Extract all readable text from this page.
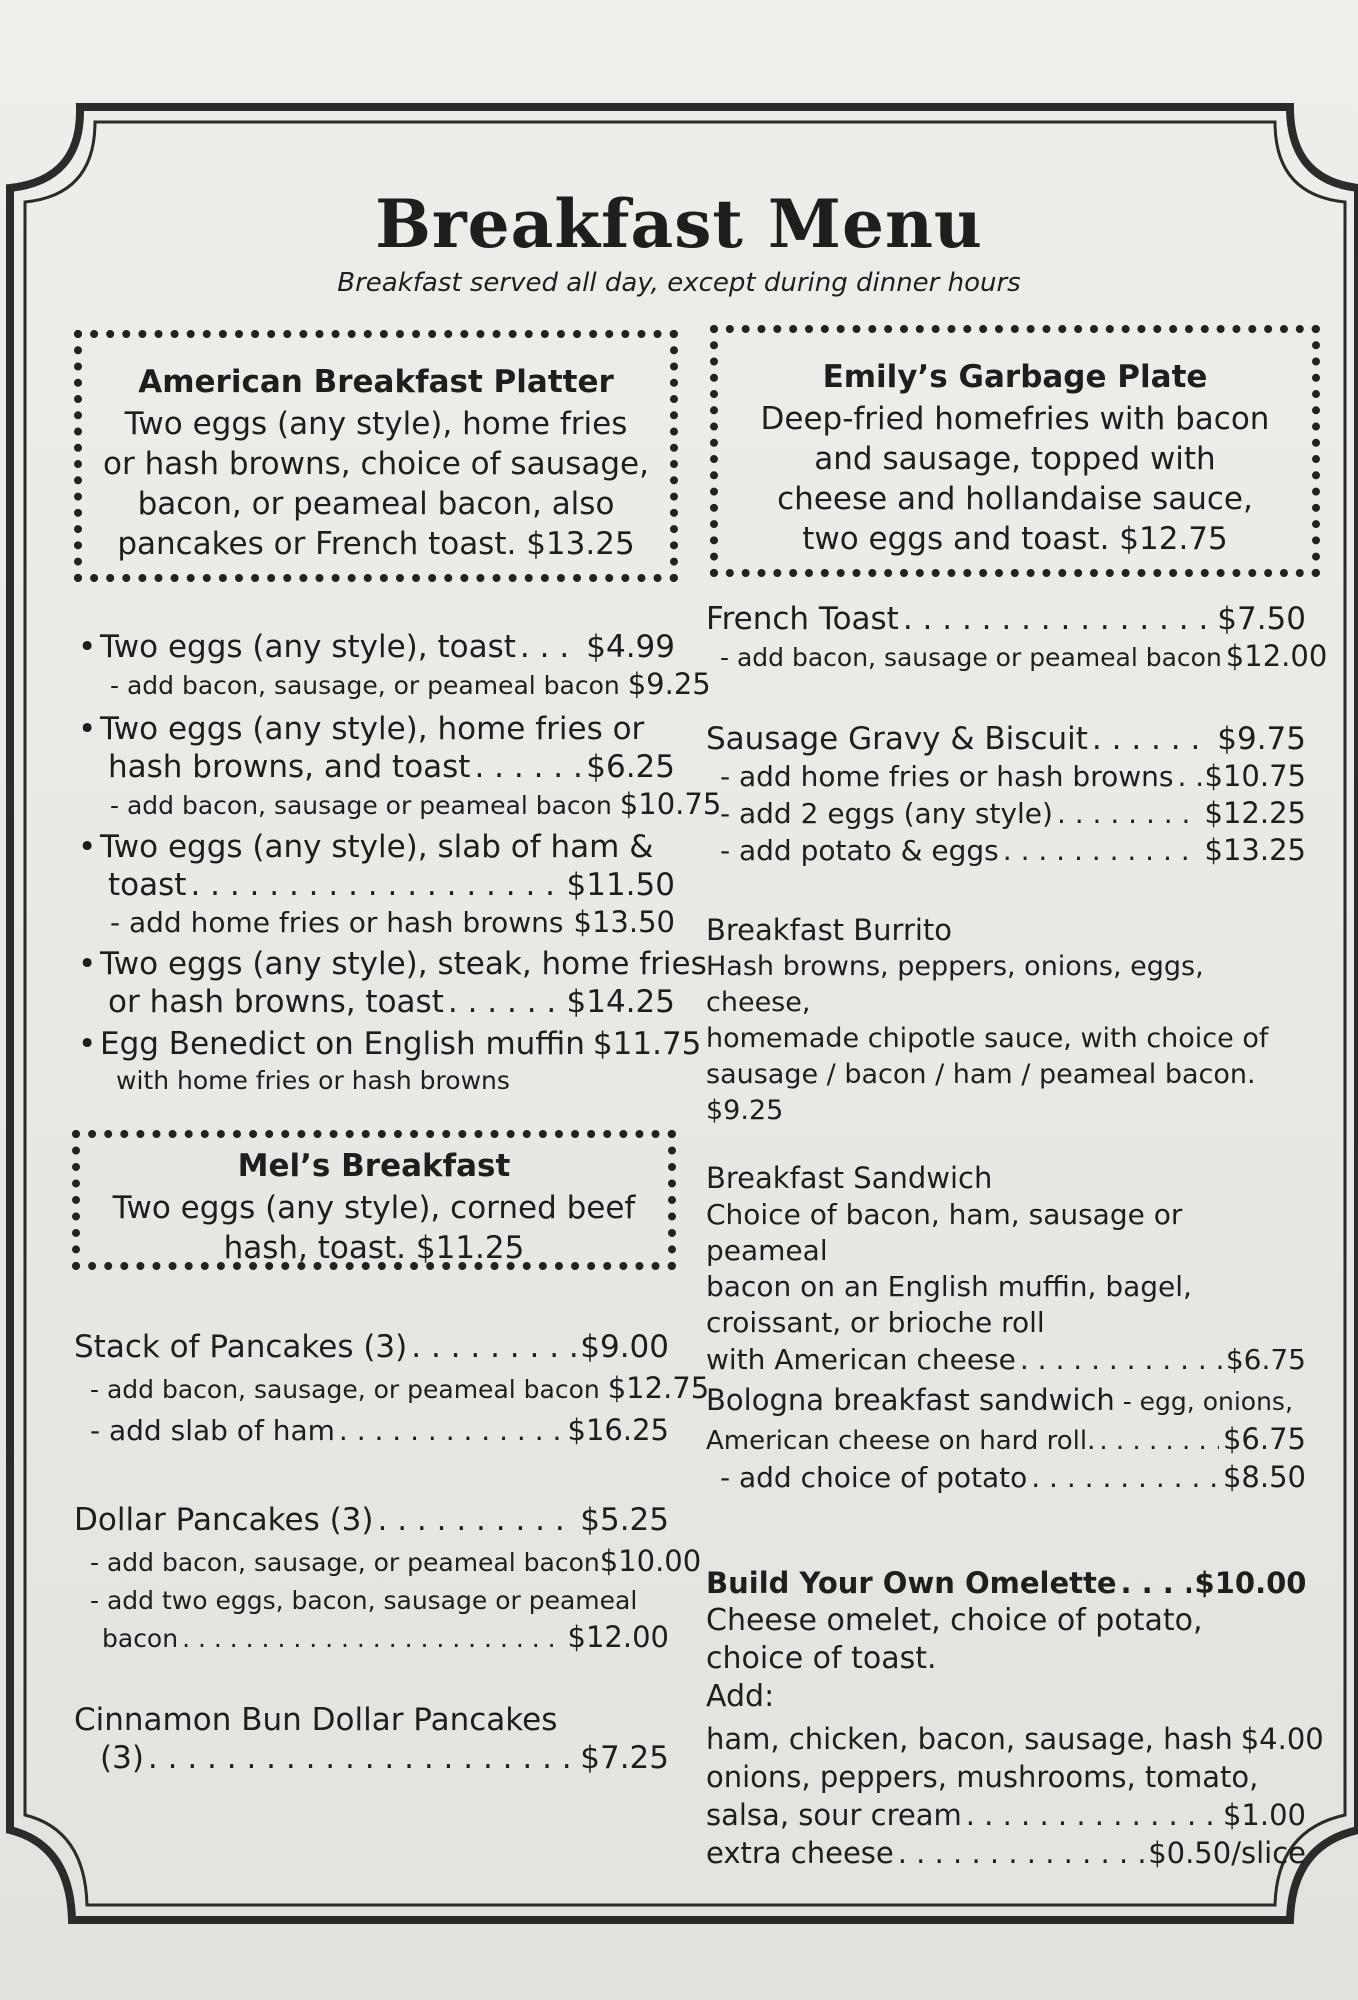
Breakfast Menu
Breakfast served all day, except during dinner hours
American Breakfast Platter
Two eggs (any style), home fries
or hash browns, choice of sausage,
bacon, or peameal bacon, also
pancakes or French toast. $13.25
Emily’s Garbage Plate
Deep-fried homefries with bacon
and sausage, topped with
cheese and hollandaise sauce,
two eggs and toast. $12.75
• Two eggs (any style), toast . . . $4.99
- add bacon, sausage, or peameal bacon $9.25
• Two eggs (any style), home fries or
hash browns, and toast . . .	$6.25
- add bacon, sausage or peameal bacon $10.75
• Two eggs (any style), slab of ham &
toast . . .	$11.50
- add home fries or hash browns . . . $13.50
• Two eggs (any style), steak, home fries
or hash browns, toast . . .	$14.25
• Egg Benedict on English muffin $11.75
with home fries or hash browns
Mel’s Breakfast
Two eggs (any style), corned beef
hash, toast. $11.25
Stack of Pancakes (3) . . .	$9.00
- add bacon, sausage, or peameal bacon $12.75
- add slab of ham . . .	$16.25
Dollar Pancakes (3) . . .	$5.25
- add bacon, sausage, or peameal bacon $10.00
- add two eggs, bacon, sausage or peameal
bacon . . .	$12.00
Cinnamon Bun Dollar Pancakes
(3) . . .	$7.25
French Toast . . .	$7.50
- add bacon, sausage or peameal bacon $12.00
Sausage Gravy & Biscuit . . .	$9.75
- add home fries or hash browns . . . $10.75
- add 2 eggs (any style) . . .	$12.25
- add potato & eggs . . .	$13.25
Breakfast Burrito
Hash browns, peppers, onions, eggs, cheese,
homemade chipotle sauce, with choice of
sausage / bacon / ham / peameal bacon. $9.25
Breakfast Sandwich
Choice of bacon, ham, sausage or peameal
bacon on an English muffin, bagel,
croissant, or brioche roll
with American cheese . . .	$6.75
Bologna breakfast sandwich - egg, onions,
American cheese on hard roll. . . .	$6.75
- add choice of potato . . .	$8.50
Build Your Own Omelette . . .	$10.00
Cheese omelet, choice of potato,
choice of toast.
Add:
ham, chicken, bacon, sausage, hash $4.00
onions, peppers, mushrooms, tomato,
salsa, sour cream . . .	$1.00
extra cheese . . .	$0.50/slice
